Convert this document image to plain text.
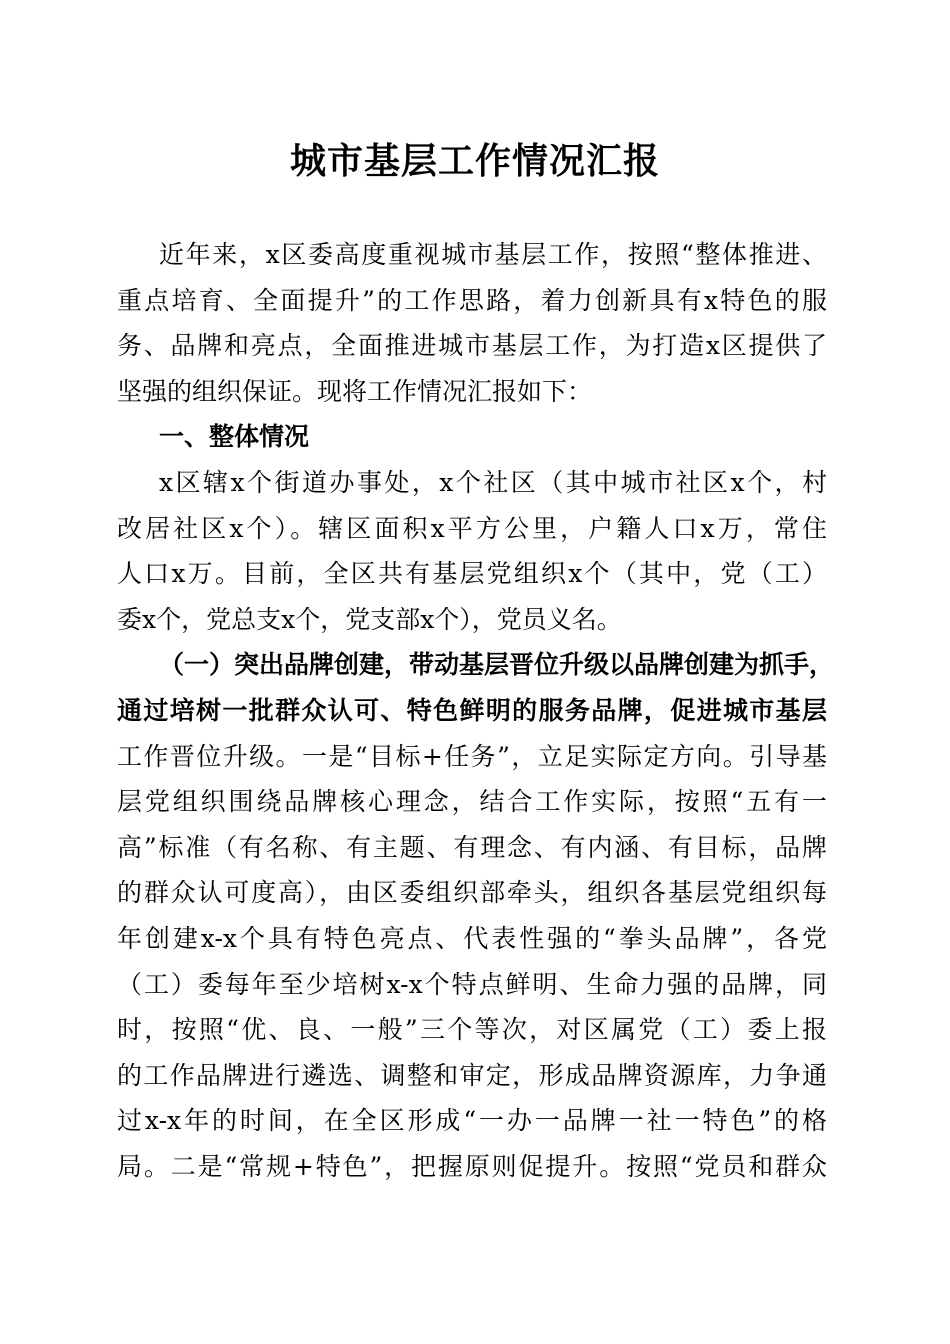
城市基层工作情况汇报
近年来，x区委高度重视城市基层工作，按照“整体推进、
重点培育、全面提升”的工作思路，着力创新具有x特色的服
务、品牌和亮点，全面推进城市基层工作，为打造x区提供了
坚强的组织保证。现将工作情况汇报如下：
一、整体情况
x区辖x个街道办事处，x个社区（其中城市社区x个，村
改居社区x个）。辖区面积x平方公里，户籍人口x万，常住
人口x万。目前，全区共有基层党组织x个（其中，党（工）
委x个，党总支x个，党支部x个），党员义名。
（一）突出品牌创建，带动基层晋位升级以品牌创建为抓手，
通过培树一批群众认可、特色鲜明的服务品牌，促进城市基层
工作晋位升级。一是“目标+任务”，立足实际定方向。引导基
层党组织围绕品牌核心理念，结合工作实际，按照“五有一
高”标准（有名称、有主题、有理念、有内涵、有目标，品牌
的群众认可度高），由区委组织部牵头，组织各基层党组织每
年创建x-x个具有特色亮点、代表性强的“拳头品牌”，各党
（工）委每年至少培树x-x个特点鲜明、生命力强的品牌，同
时，按照“优、良、一般”三个等次，对区属党（工）委上报
的工作品牌进行遴选、调整和审定，形成品牌资源库，力争通
过x-x年的时间，在全区形成“一办一品牌一社一特色”的格
局。二是“常规+特色”，把握原则促提升。按照“党员和群众
